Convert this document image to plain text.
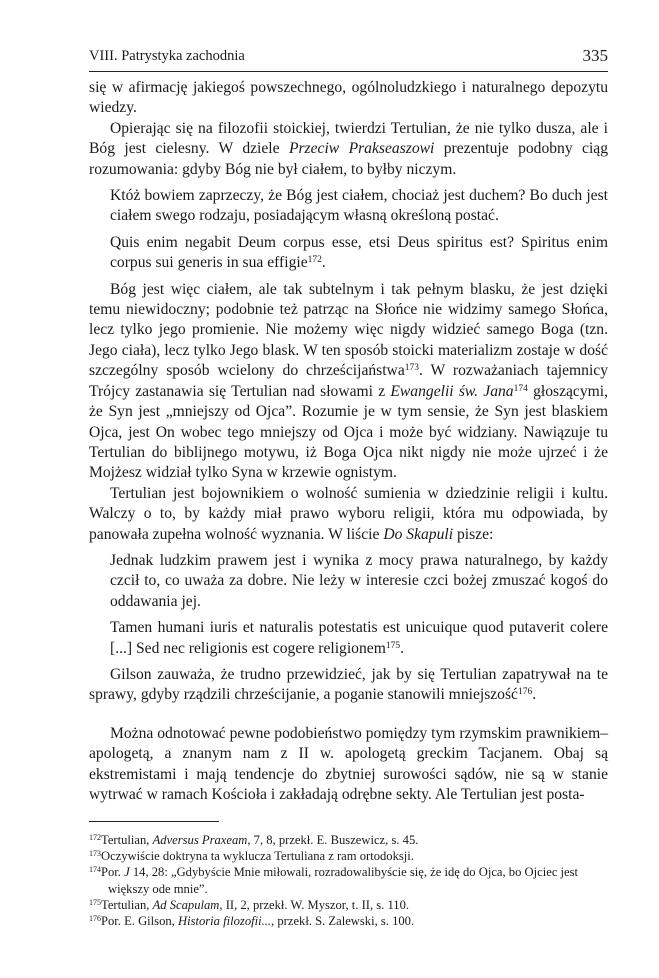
VIII. Patrystyka zachodnia	335

się w afirmację jakiegoś powszechnego, ogólnoludzkiego i naturalnego depozytu wiedzy.

Opierając się na filozofii stoickiej, twierdzi Tertulian, że nie tylko dusza, ale i Bóg jest cielesny. W dziele Przeciw Prakseaszowi prezentuje podobny ciąg rozumowania: gdyby Bóg nie był ciałem, to byłby niczym.

Któż bowiem zaprzeczy, że Bóg jest ciałem, chociaż jest duchem? Bo duch jest ciałem swego rodzaju, posiadającym własną określoną postać.

Quis enim negabit Deum corpus esse, etsi Deus spiritus est? Spiritus enim corpus sui generis in sua effigie$^{172}$.

Bóg jest więc ciałem, ale tak subtelnym i tak pełnym blasku, że jest dzięki temu niewidoczny; podobnie też patrząc na Słońce nie widzimy samego Słońca, lecz tylko jego promienie. Nie możemy więc nigdy widzieć samego Boga (tzn. Jego ciała), lecz tylko Jego blask. W ten sposób stoicki materializm zostaje w dość szczególny sposób wcielony do chrześcijaństwa$^{173}$. W rozważaniach tajemnicy Trójcy zastanawia się Tertulian nad słowami z Ewangelii św. Jana$^{174}$ głoszącymi, że Syn jest „mniejszy od Ojca”. Rozumie je w tym sensie, że Syn jest blaskiem Ojca, jest On wobec tego mniejszy od Ojca i może być widziany. Nawiązuje tu Tertulian do biblijnego motywu, iż Boga Ojca nikt nigdy nie może ujrzeć i że Mojżesz widział tylko Syna w krzewie ognistym.

Tertulian jest bojownikiem o wolność sumienia w dziedzinie religii i kultu. Walczy o to, by każdy miał prawo wyboru religii, która mu odpowiada, by panowała zupełna wolność wyznania. W liście Do Skapuli pisze:

Jednak ludzkim prawem jest i wynika z mocy prawa naturalnego, by każdy czcił to, co uważa za dobre. Nie leży w interesie czci bożej zmuszać kogoś do oddawania jej.

Tamen humani iuris et naturalis potestatis est unicuique quod putaverit colere [...] Sed nec religionis est cogere religionem$^{175}$.

Gilson zauważa, że trudno przewidzieć, jak by się Tertulian zapatrywał na te sprawy, gdyby rządzili chrześcijanie, a poganie stanowili mniejszość$^{176}$.

Można odnotować pewne podobieństwo pomiędzy tym rzymskim prawnikiem–apologetą, a znanym nam z II w. apologetą greckim Tacjanem. Obaj są ekstremistami i mają tendencje do zbytniej surowości sądów, nie są w stanie wytrwać w ramach Kościoła i zakładają odrębne sekty. Ale Tertulian jest posta-

$^{172}$Tertulian, Adversus Praxeam, 7, 8, przekł. E. Buszewicz, s. 45.

$^{173}$Oczywiście doktryna ta wyklucza Tertuliana z ram ortodoksji.

$^{174}$Por. J 14, 28: „Gdybyście Mnie miłowali, rozradowalibyście się, że idę do Ojca, bo Ojciec jest większy ode mnie”.

$^{175}$Tertulian, Ad Scapulam, II, 2, przekł. W. Myszor, t. II, s. 110.

$^{176}$Por. E. Gilson, Historia filozofii..., przekł. S. Zalewski, s. 100.
